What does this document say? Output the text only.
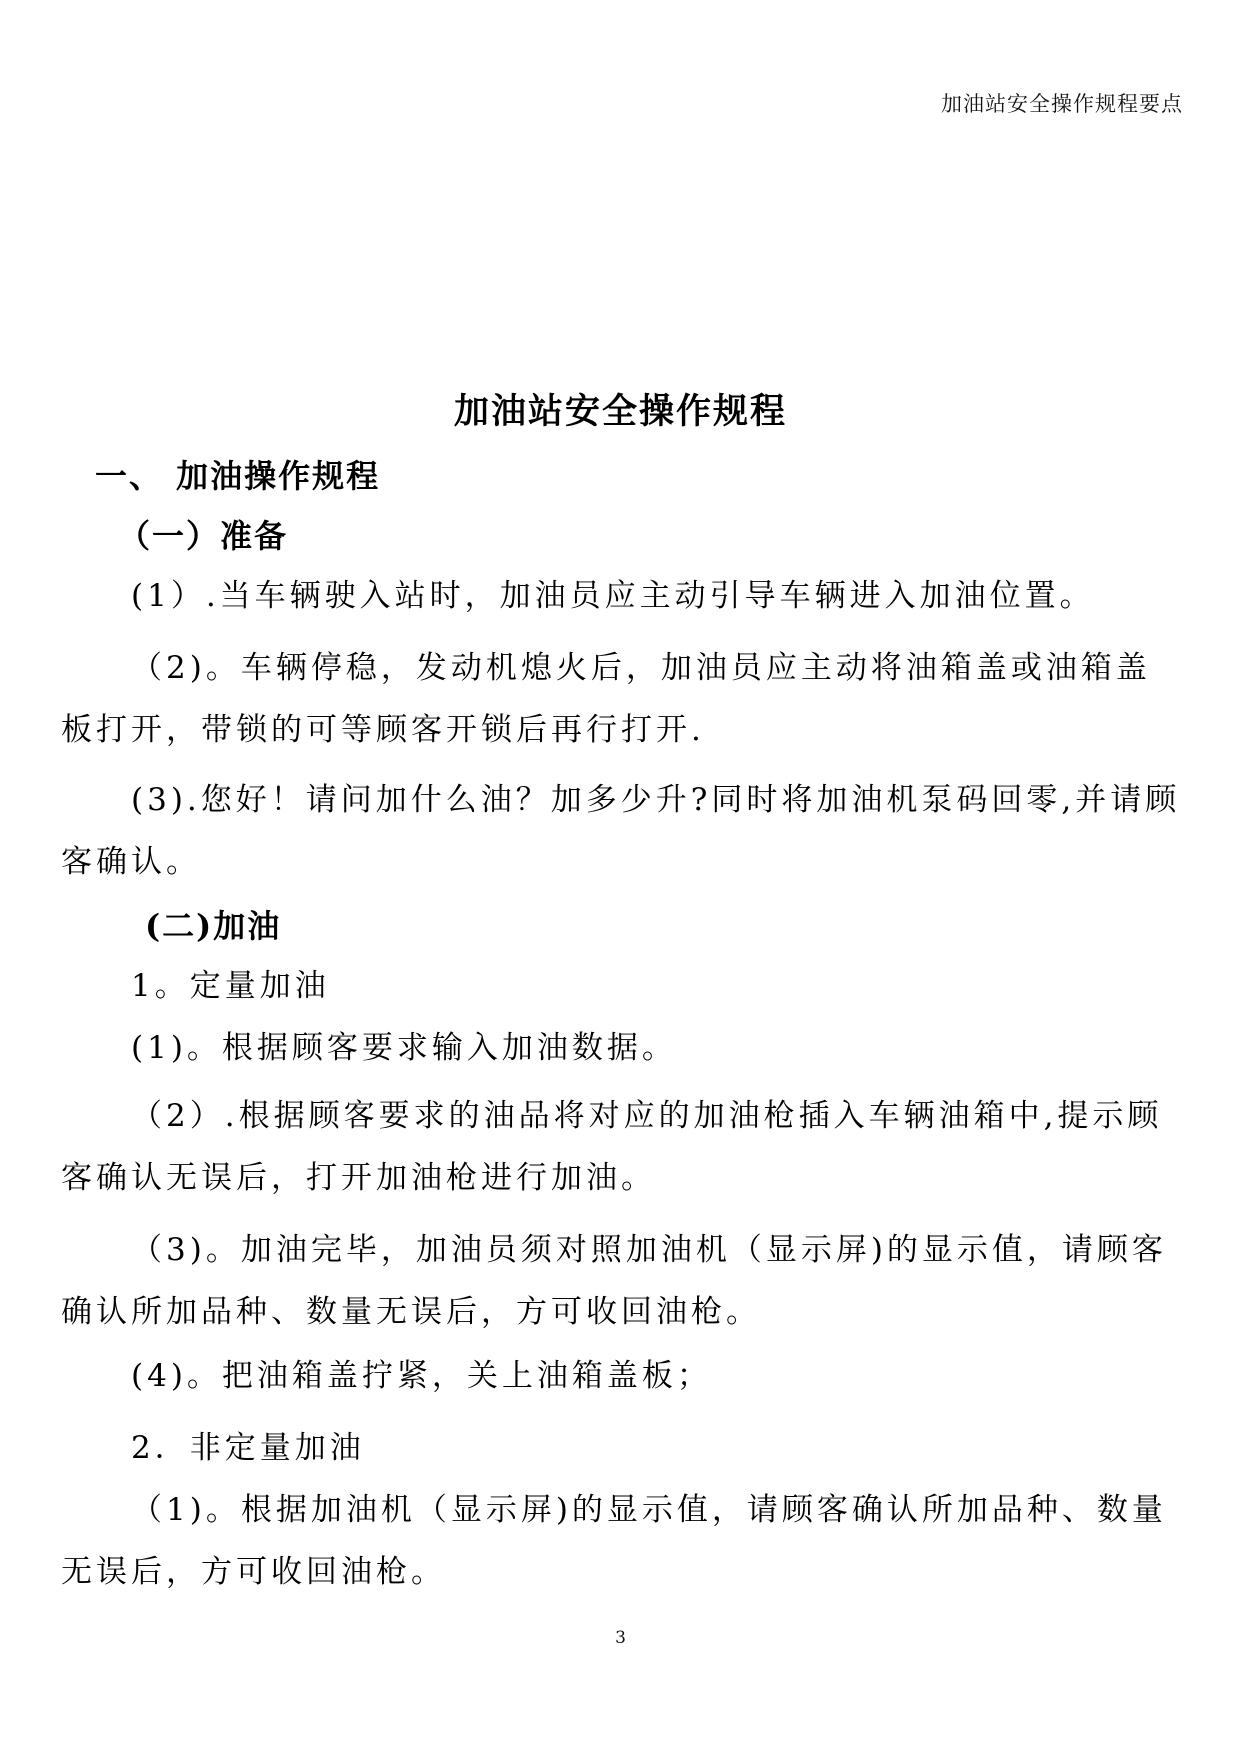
加油站安全操作规程要点
加油站安全操作规程
一、 加油操作规程
（一）准备
(1）.当车辆驶入站时，加油员应主动引导车辆进入加油位置。
（2)。车辆停稳，发动机熄火后，加油员应主动将油箱盖或油箱盖板打开，带锁的可等顾客开锁后再行打开.
(3).您好！请问加什么油？加多少升?同时将加油机泵码回零,并请顾客确认。
(二)加油
1。定量加油
(1)。根据顾客要求输入加油数据。
（2）.根据顾客要求的油品将对应的加油枪插入车辆油箱中,提示顾客确认无误后，打开加油枪进行加油。
（3)。加油完毕，加油员须对照加油机（显示屏)的显示值，请顾客确认所加品种、数量无误后，方可收回油枪。
(4)。把油箱盖拧紧，关上油箱盖板；
2．非定量加油
（1)。根据加油机（显示屏)的显示值，请顾客确认所加品种、数量无误后，方可收回油枪。
3
